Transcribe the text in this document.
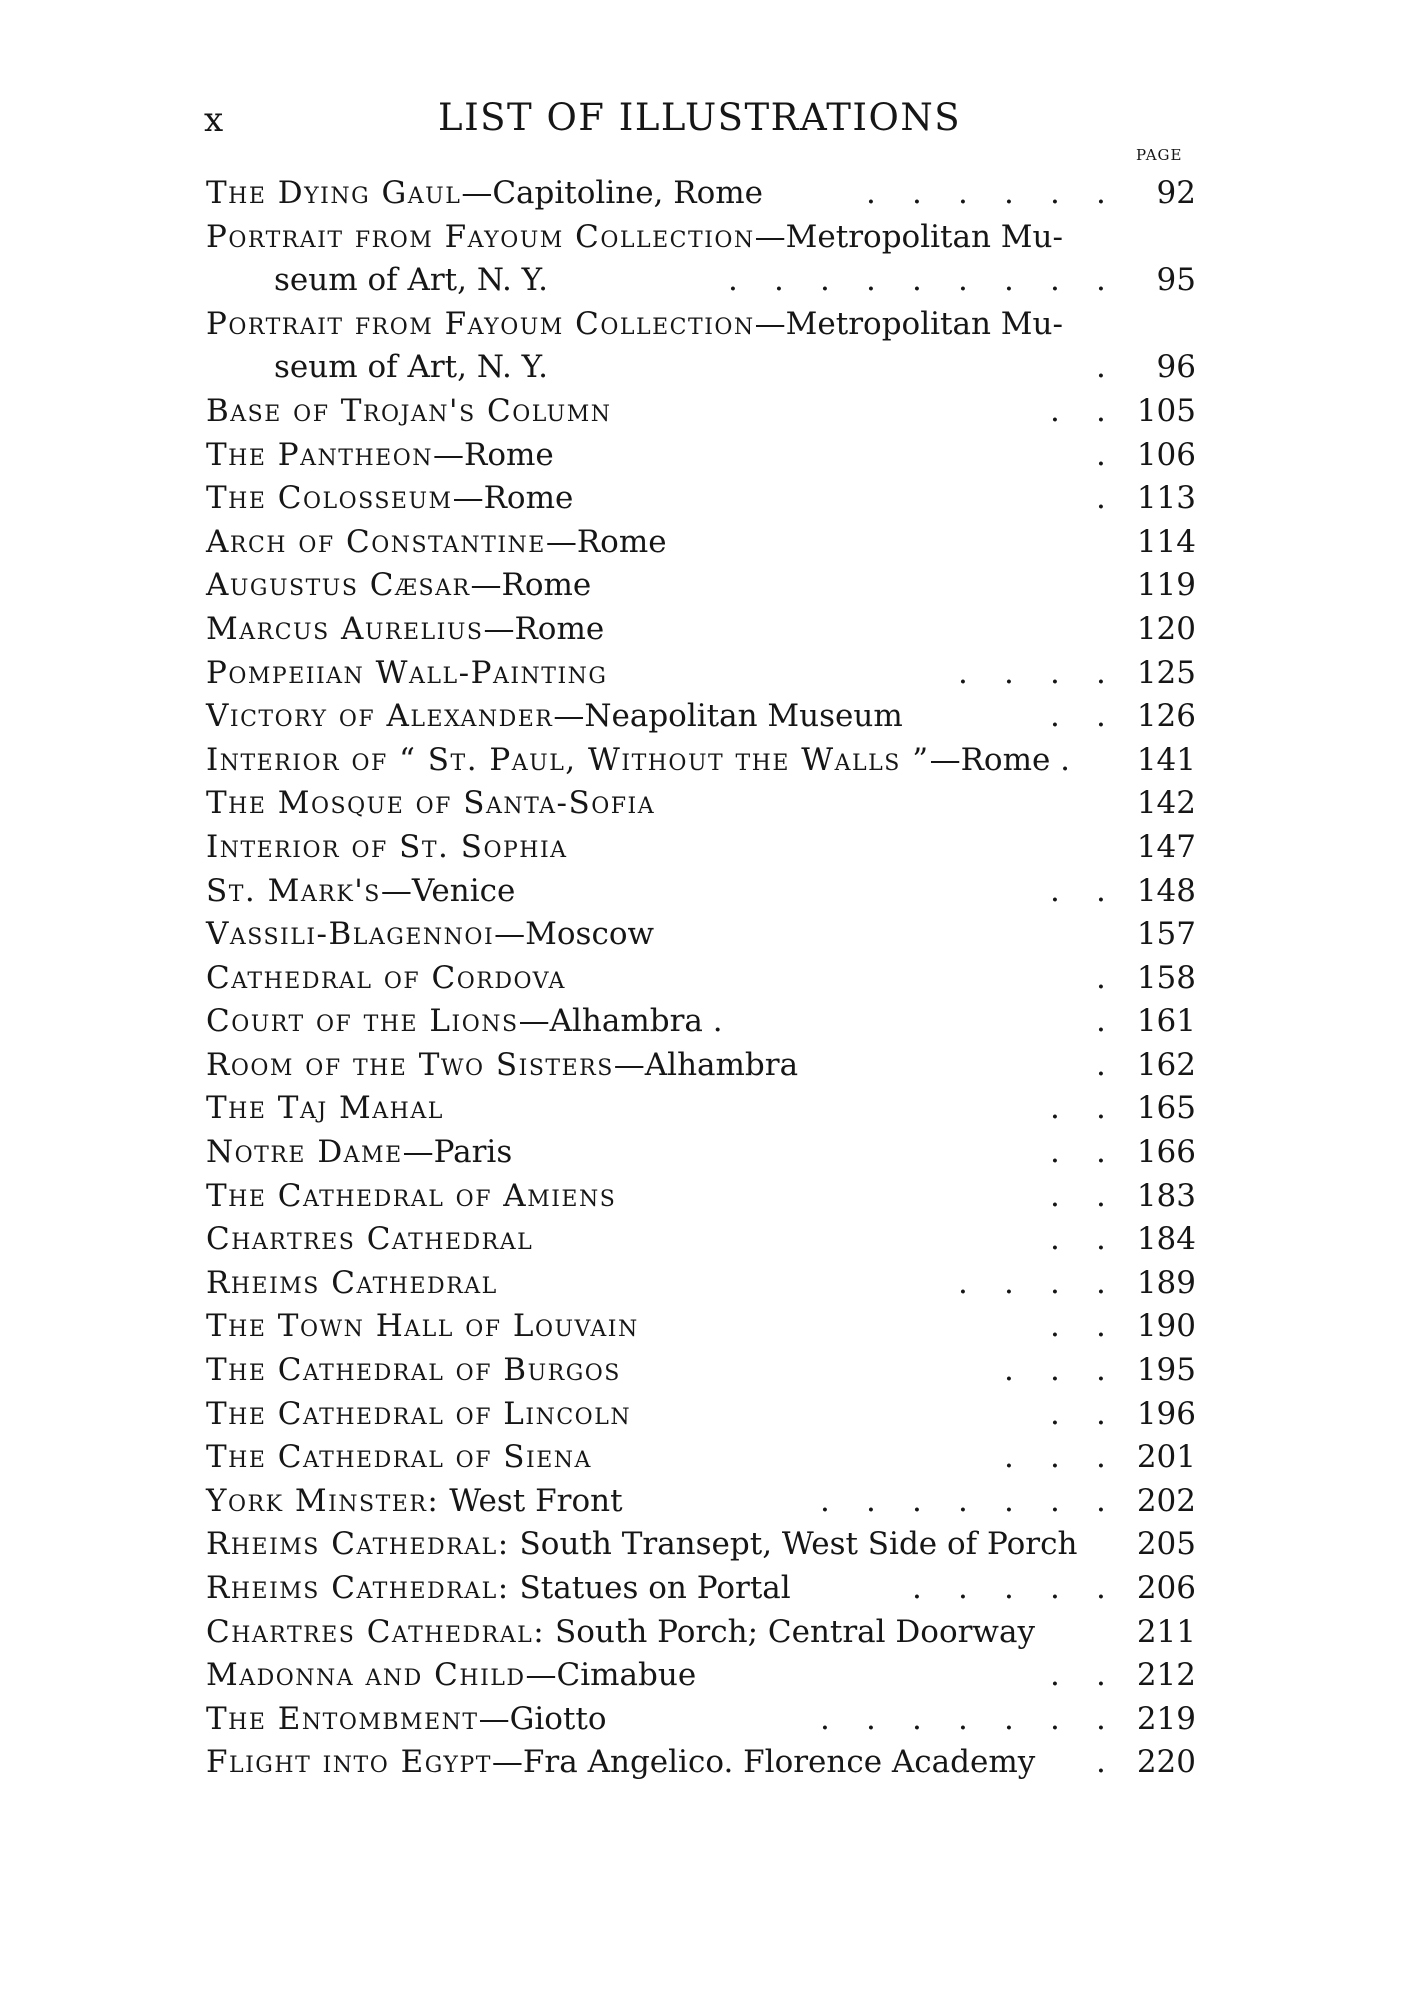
x	LIST OF ILLUSTRATIONS
PAGE
The Dying Gaul—Capitoline, Rome	92
. . . . . .
Portrait from Fayoum Collection—Metropolitan Mu-
seum of Art, N. Y.	95
. . . . . . . . .
Portrait from Fayoum Collection—Metropolitan Mu-
seum of Art, N. Y.	96
.
Base of Trojan's Column	105
. .
The Pantheon—Rome	106
.
The Colosseum—Rome	113
.
Arch of Constantine—Rome	114
Augustus Cæsar—Rome	119
Marcus Aurelius—Rome	120
Pompeiian Wall-Painting	125
. . . .
Victory of Alexander—Neapolitan Museum	126
. .
Interior of “ St. Paul, Without the Walls ”—Rome .	141
The Mosque of Santa-Sofia	142
Interior of St. Sophia	147
St. Mark's—Venice	148
. .
Vassili-Blagennoi—Moscow	157
Cathedral of Cordova	158
.
Court of the Lions—Alhambra .	161
.
Room of the Two Sisters—Alhambra	162
.
The Taj Mahal	165
. .
Notre Dame—Paris	166
. .
The Cathedral of Amiens	183
. .
Chartres Cathedral	184
. .
Rheims Cathedral	189
. . . .
The Town Hall of Louvain	190
. .
The Cathedral of Burgos	195
. . .
The Cathedral of Lincoln	196
. .
The Cathedral of Siena	201
. . .
York Minster: West Front	202
. . . . . . .
Rheims Cathedral: South Transept, West Side of Porch	205
Rheims Cathedral: Statues on Portal	206
. . . . .
Chartres Cathedral: South Porch; Central Doorway	211
Madonna and Child—Cimabue	212
. .
The Entombment—Giotto	219
. . . . . . .
Flight into Egypt—Fra Angelico. Florence Academy	220
.
